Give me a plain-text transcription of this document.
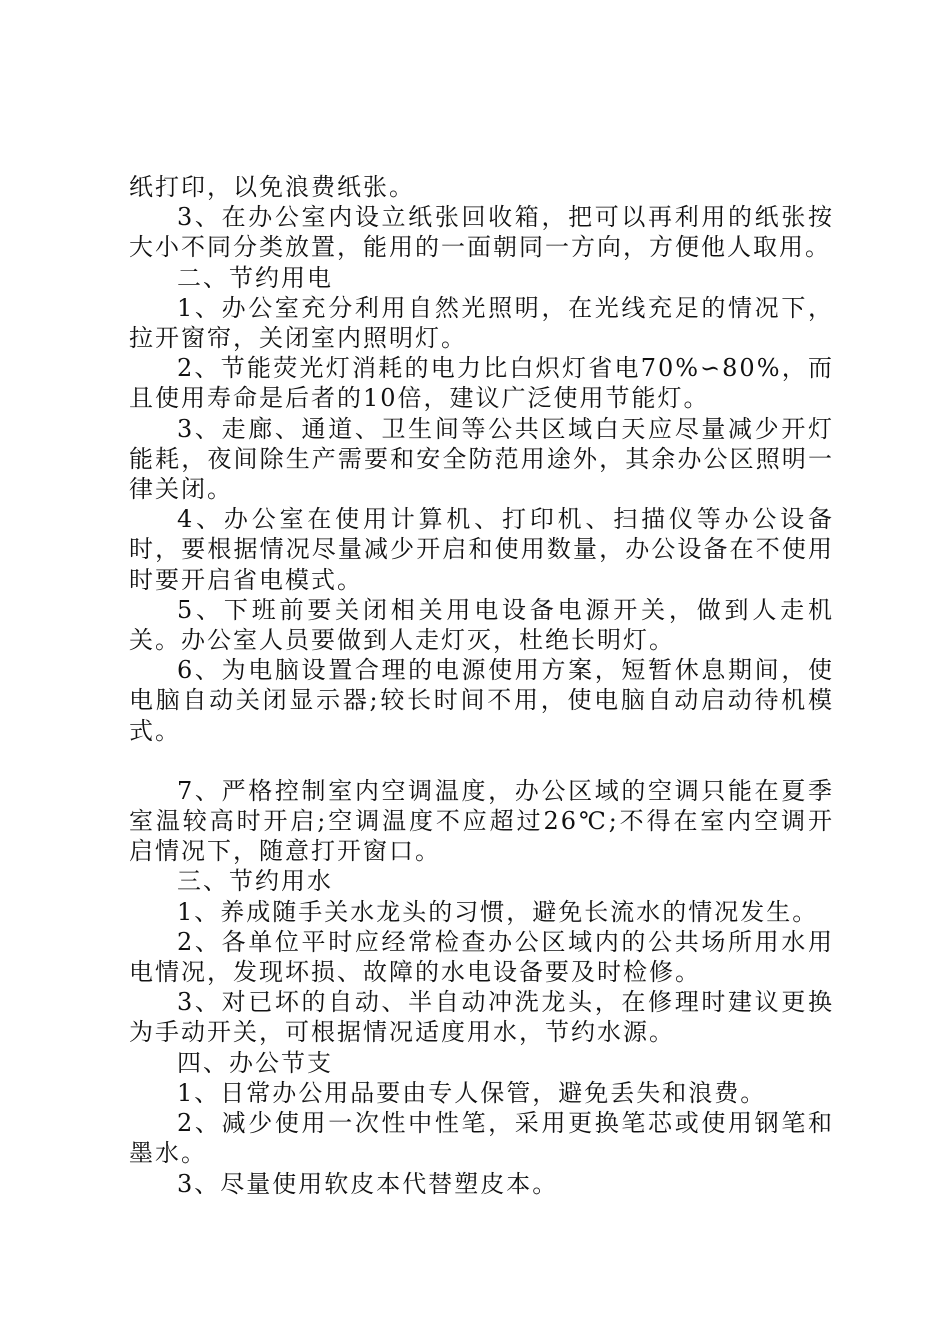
纸打印，以免浪费纸张。

3、在办公室内设立纸张回收箱，把可以再利用的纸张按大小不同分类放置，能用的一面朝同一方向，方便他人取用。

二、节约用电

1、办公室充分利用自然光照明，在光线充足的情况下，拉开窗帘，关闭室内照明灯。

2、节能荧光灯消耗的电力比白炽灯省电70%∽80%，而且使用寿命是后者的10倍，建议广泛使用节能灯。

3、走廊、通道、卫生间等公共区域白天应尽量减少开灯能耗，夜间除生产需要和安全防范用途外，其余办公区照明一律关闭。

4、办公室在使用计算机、打印机、扫描仪等办公设备时，要根据情况尽量减少开启和使用数量，办公设备在不使用时要开启省电模式。

5、下班前要关闭相关用电设备电源开关，做到人走机关。办公室人员要做到人走灯灭，杜绝长明灯。

6、为电脑设置合理的电源使用方案，短暂休息期间，使电脑自动关闭显示器;较长时间不用，使电脑自动启动待机模式。

7、严格控制室内空调温度，办公区域的空调只能在夏季室温较高时开启;空调温度不应超过26℃;不得在室内空调开启情况下，随意打开窗口。

三、节约用水

1、养成随手关水龙头的习惯，避免长流水的情况发生。

2、各单位平时应经常检查办公区域内的公共场所用水用电情况，发现坏损、故障的水电设备要及时检修。

3、对已坏的自动、半自动冲洗龙头，在修理时建议更换为手动开关，可根据情况适度用水，节约水源。

四、办公节支

1、日常办公用品要由专人保管，避免丢失和浪费。

2、减少使用一次性中性笔，采用更换笔芯或使用钢笔和墨水。

3、尽量使用软皮本代替塑皮本。
